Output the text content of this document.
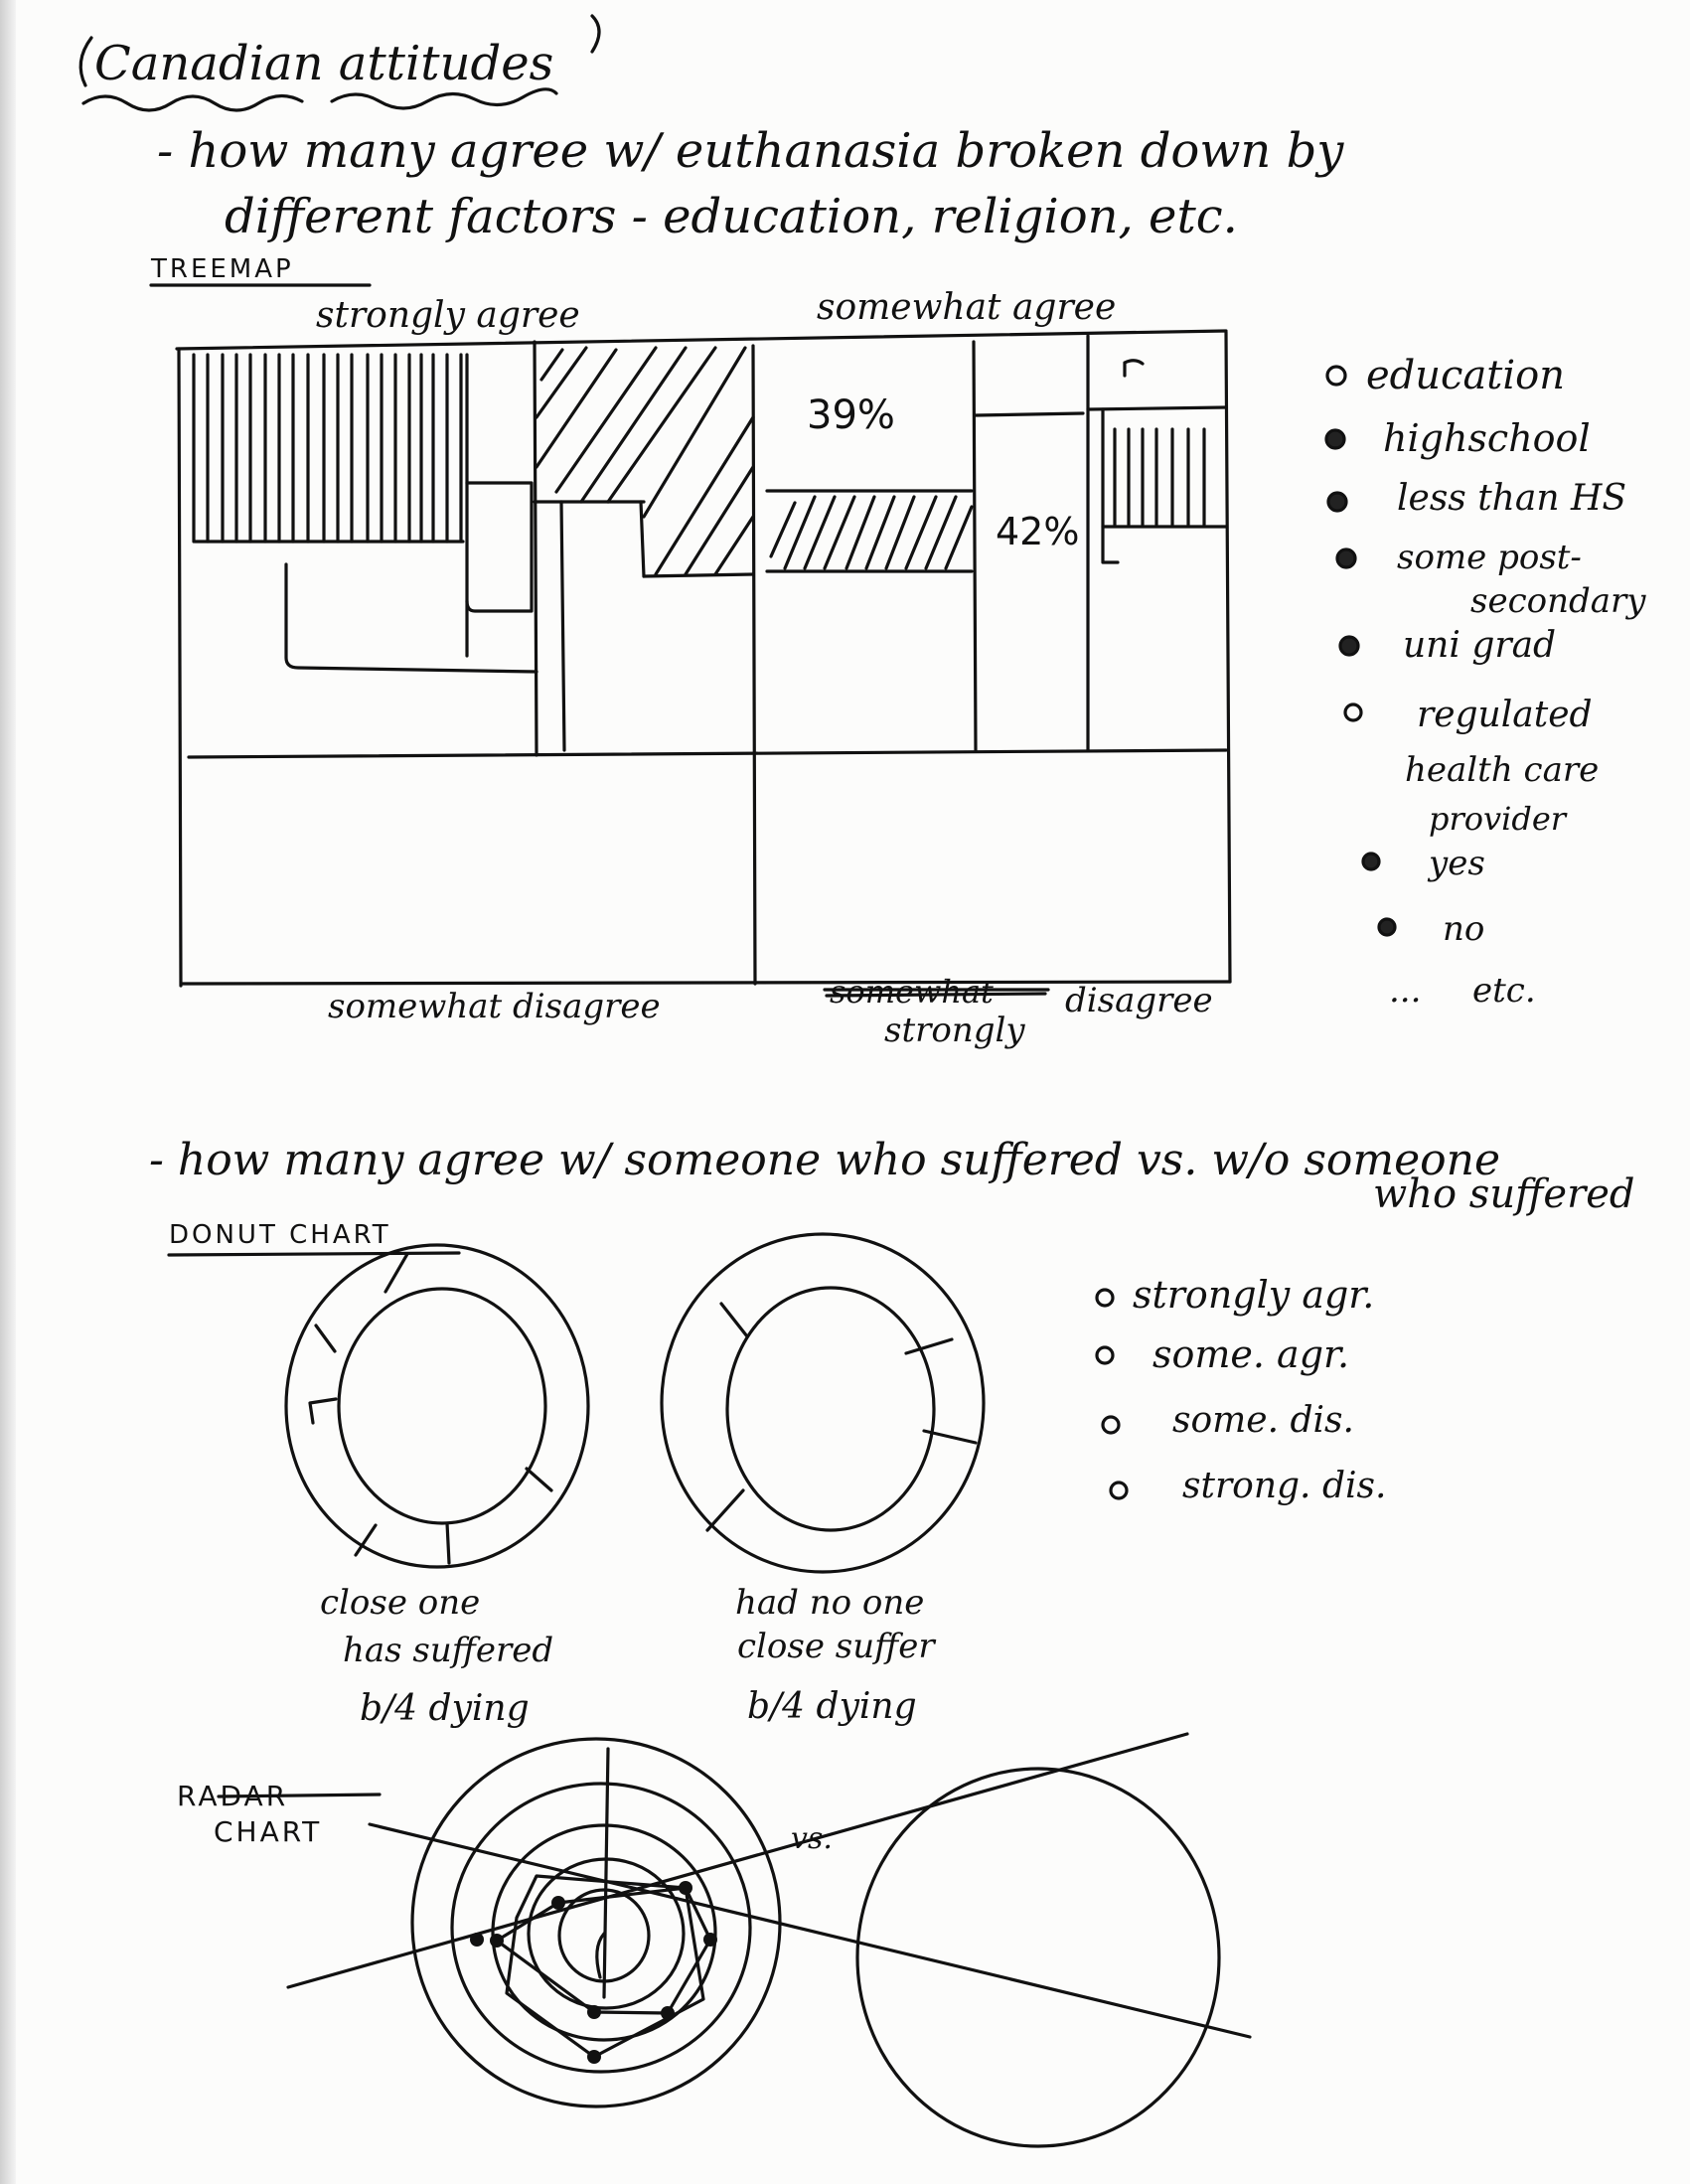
Canadian attitudes
- how many agree w/ euthanasia broken down by
different factors - education, religion, etc.
TREEMAP
strongly agree	somewhat agree
39%
42%
somewhat disagree	somewhat disagree
strongly
education
highschool
less than HS
some post-
secondary
uni grad
regulated
health care
provider
yes
no
... etc.
- how many agree w/ someone who suffered vs. w/o someone
who suffered
DONUT CHART
close one
has suffered
b/4 dying
had no one
close suffer
b/4 dying
strongly agr.
some. agr.
some. dis.
strong. dis.
RADAR
CHART	vs.
